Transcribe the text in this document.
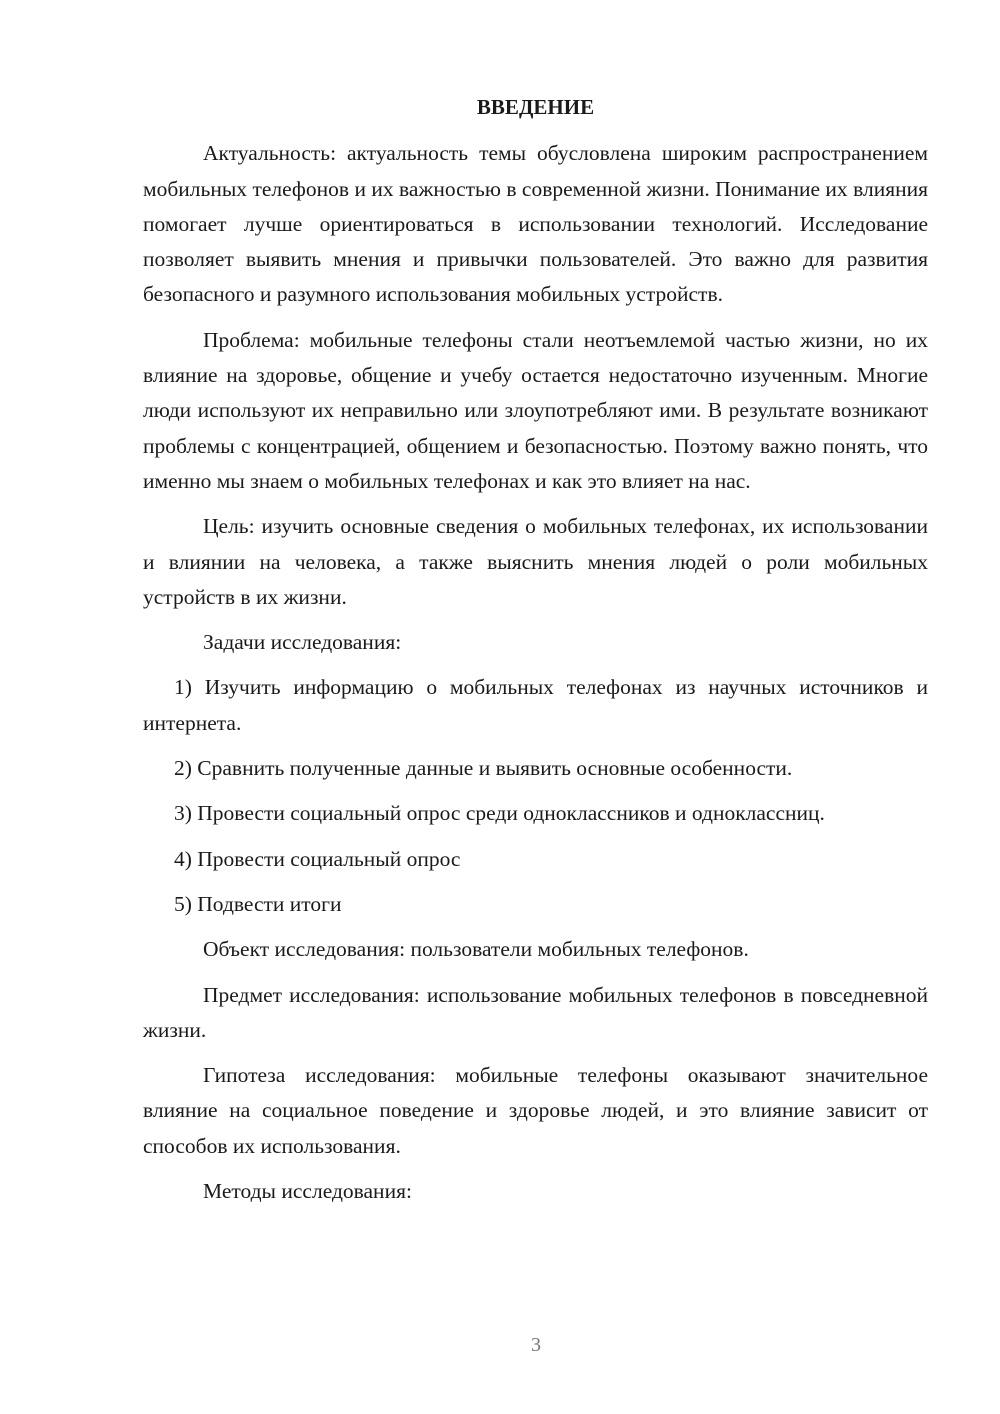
ВВЕДЕНИЕ

Актуальность: актуальность темы обусловлена широким распространением мобильных телефонов и их важностью в современной жизни. Понимание их влияния помогает лучше ориентироваться в использовании технологий. Исследование позволяет выявить мнения и привычки пользователей. Это важно для развития безопасного и разумного использования мобильных устройств.

Проблема: мобильные телефоны стали неотъемлемой частью жизни, но их влияние на здоровье, общение и учебу остается недостаточно изученным. Многие люди используют их неправильно или злоупотребляют ими. В результате возникают проблемы с концентрацией, общением и безопасностью. Поэтому важно понять, что именно мы знаем о мобильных телефонах и как это влияет на нас.

Цель: изучить основные сведения о мобильных телефонах, их использовании и влиянии на человека, а также выяснить мнения людей о роли мобильных устройств в их жизни.

Задачи исследования:

1) Изучить информацию о мобильных телефонах из научных источников и интернета.

2) Сравнить полученные данные и выявить основные особенности.

3) Провести социальный опрос среди одноклассников и одноклассниц.

4) Провести социальный опрос

5) Подвести итоги

Объект исследования: пользователи мобильных телефонов.

Предмет исследования: использование мобильных телефонов в повседневной жизни.

Гипотеза исследования: мобильные телефоны оказывают значительное влияние на социальное поведение и здоровье людей, и это влияние зависит от способов их использования.

Методы исследования:

3
